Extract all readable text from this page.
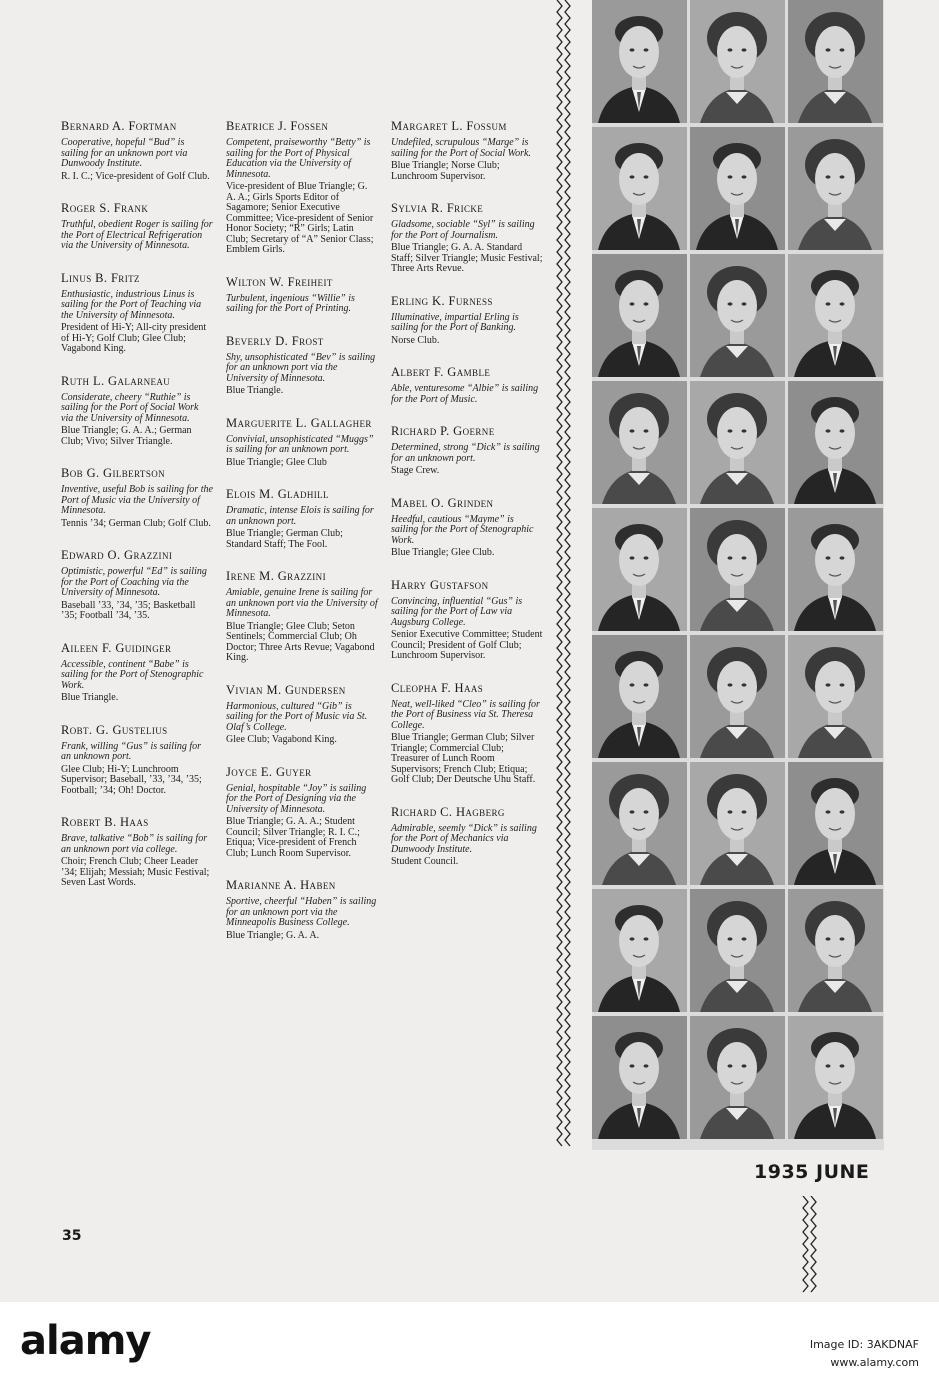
Bernard A. Fortman
Cooperative, hopeful “Bud” is sailing for an unknown port via Dunwoody Institute.
R. I. C.; Vice-president of Golf Club.
Roger S. Frank
Truthful, obedient Roger is sailing for the Port of Electrical Refrigeration via the University of Minnesota.
Linus B. Fritz
Enthusiastic, industrious Linus is sailing for the Port of Teaching via the University of Minnesota.
President of Hi-Y; All-city president of Hi-Y; Golf Club; Glee Club; Vagabond King.
Ruth L. Galarneau
Considerate, cheery “Ruthie” is sailing for the Port of Social Work via the University of Minnesota.
Blue Triangle; G. A. A.; German Club; Vivo; Silver Triangle.
Bob G. Gilbertson
Inventive, useful Bob is sailing for the Port of Music via the University of Minnesota.
Tennis ’34; German Club; Golf Club.
Edward O. Grazzini
Optimistic, powerful “Ed” is sailing for the Port of Coaching via the University of Minnesota.
Baseball ’33, ’34, ’35; Basketball ’35; Football ’34, ’35.
Aileen F. Guidinger
Accessible, continent “Babe” is sailing for the Port of Stenographic Work.
Blue Triangle.
Robt. G. Gustelius
Frank, willing “Gus” is sailing for an unknown port.
Glee Club; Hi-Y; Lunchroom Supervisor; Baseball, ’33, ’34, ’35; Football; ’34; Oh! Doctor.
Robert B. Haas
Brave, talkative “Bob” is sailing for an unknown port via college.
Choir; French Club; Cheer Leader ’34; Elijah; Messiah; Music Festival; Seven Last Words.
Beatrice J. Fossen
Competent, praiseworthy “Betty” is sailing for the Port of Physical Education via the University of Minnesota.
Vice-president of Blue Triangle; G. A. A.; Girls Sports Editor of Sagamore; Senior Executive Committee; Vice-president of Senior Honor Society; “R” Girls; Latin Club; Secretary of “A” Senior Class; Emblem Girls.
Wilton W. Freiheit
Turbulent, ingenious “Willie” is sailing for the Port of Printing.
Beverly D. Frost
Shy, unsophisticated “Bev” is sailing for an unknown port via the University of Minnesota.
Blue Triangle.
Marguerite L. Gallagher
Convivial, unsophisticated “Muggs” is sailing for an unknown port.
Blue Triangle; Glee Club
Elois M. Gladhill
Dramatic, intense Elois is sailing for an unknown port.
Blue Triangle; German Club; Standard Staff; The Fool.
Irene M. Grazzini
Amiable, genuine Irene is sailing for an unknown port via the University of Minnesota.
Blue Triangle; Glee Club; Seton Sentinels; Commercial Club; Oh Doctor; Three Arts Revue; Vagabond King.
Vivian M. Gundersen
Harmonious, cultured “Gib” is sailing for the Port of Music via St. Olaf’s College.
Glee Club; Vagabond King.
Joyce E. Guyer
Genial, hospitable “Joy” is sailing for the Port of Designing via the University of Minnesota.
Blue Triangle; G. A. A.; Student Council; Silver Triangle; R. I. C.; Etiqua; Vice-president of French Club; Lunch Room Supervisor.
Marianne A. Haben
Sportive, cheerful “Haben” is sailing for an unknown port via the Minneapolis Business College.
Blue Triangle; G. A. A.
Margaret L. Fossum
Undefiled, scrupulous “Marge” is sailing for the Port of Social Work.
Blue Triangle; Norse Club; Lunchroom Supervisor.
Sylvia R. Fricke
Gladsome, sociable “Syl” is sailing for the Port of Journalism.
Blue Triangle; G. A. A. Standard Staff; Silver Triangle; Music Festival; Three Arts Revue.
Erling K. Furness
Illuminative, impartial Erling is sailing for the Port of Banking.
Norse Club.
Albert F. Gamble
Able, venturesome “Albie” is sailing for the Port of Music.
Richard P. Goerne
Determined, strong “Dick” is sailing for an unknown port.
Stage Crew.
Mabel O. Grinden
Heedful, cautious “Mayme” is sailing for the Port of Stenographic Work.
Blue Triangle; Glee Club.
Harry Gustafson
Convincing, influential “Gus” is sailing for the Port of Law via Augsburg College.
Senior Executive Committee; Student Council; President of Golf Club; Lunchroom Supervisor.
Cleopha F. Haas
Neat, well-liked “Cleo” is sailing for the Port of Business via St. Theresa College.
Blue Triangle; German Club; Silver Triangle; Commercial Club; Treasurer of Lunch Room Supervisors; French Club; Etiqua; Golf Club; Der Deutsche Uhu Staff.
Richard C. Hagberg
Admirable, seemly “Dick” is sailing for the Port of Mechanics via Dunwoody Institute.
Student Council.
1935 JUNE
35
alamy	Image ID: 3AKDNAF
www.alamy.com
